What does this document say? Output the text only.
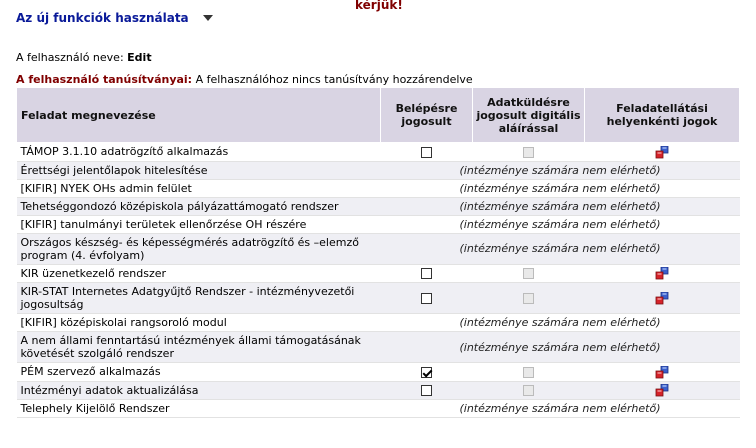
kérjük!
Az új funkciók használata
A felhasználó neve: Edit
A felhasználó tanúsítványai: A felhasználóhoz nincs tanúsítvány hozzárendelve
Feladat megnevezése	Belépésre jogosult	Adatküldésre jogosult digitális aláírással	Feladatellátási helyenkénti jogok
TÁMOP 3.1.10 adatrögzítő alkalmazás			
Érettségi jelentőlapok hitelesítése	(intézménye számára nem elérhető)		
[KIFIR] NYEK OHs admin felület	(intézménye számára nem elérhető)		
Tehetséggondozó középiskola pályázattámogató rendszer	(intézménye számára nem elérhető)		
[KIFIR] tanulmányi területek ellenőrzése OH részére	(intézménye számára nem elérhető)		
Országos készség- és képességmérés adatrögzítő és –elemző program (4. évfolyam)	(intézménye számára nem elérhető)		
KIR üzenetkezelő rendszer			
KIR-STAT Internetes Adatgyűjtő Rendszer - intézményvezetői jogosultság			
[KIFIR] középiskolai rangsoroló modul	(intézménye számára nem elérhető)		
A nem állami fenntartású intézmények állami támogatásának követését szolgáló rendszer	(intézménye számára nem elérhető)		
PÉM szervező alkalmazás			
Intézményi adatok aktualizálása			
Telephely Kijelölő Rendszer	(intézménye számára nem elérhető)		
